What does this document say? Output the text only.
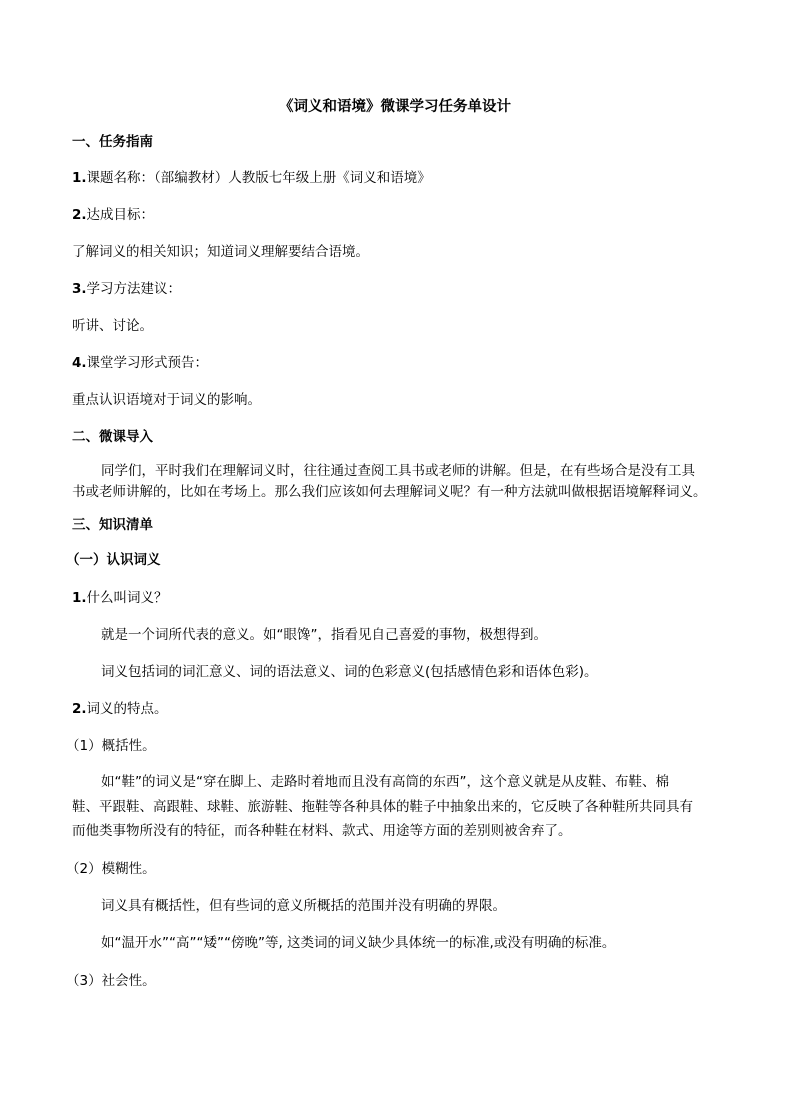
《词义和语境》微课学习任务单设计
一、任务指南
1.课题名称：（部编教材）人教版七年级上册《词义和语境》
2.达成目标：
了解词义的相关知识；知道词义理解要结合语境。
3.学习方法建议：
听讲、讨论。
4.课堂学习形式预告：
重点认识语境对于词义的影响。
二、微课导入
同学们，平时我们在理解词义时，往往通过查阅工具书或老师的讲解。但是，在有些场合是没有工具
书或老师讲解的，比如在考场上。那么我们应该如何去理解词义呢？有一种方法就叫做根据语境解释词义。
三、知识清单
（一）认识词义
1.什么叫词义？
就是一个词所代表的意义。如“眼馋”，指看见自己喜爱的事物，极想得到。
词义包括词的词汇意义、词的语法意义、词的色彩意义(包括感情色彩和语体色彩)。
2.词义的特点。
（1）概括性。
如“鞋”的词义是“穿在脚上、走路时着地而且没有高筒的东西”，这个意义就是从皮鞋、布鞋、棉
鞋、平跟鞋、高跟鞋、球鞋、旅游鞋、拖鞋等各种具体的鞋子中抽象出来的，它反映了各种鞋所共同具有
而他类事物所没有的特征，而各种鞋在材料、款式、用途等方面的差别则被舍弃了。
（2）模糊性。
词义具有概括性，但有些词的意义所概括的范围并没有明确的界限。
如“温开水”“高”“矮”“傍晚”等, 这类词的词义缺少具体统一的标准,或没有明确的标准。
（3）社会性。
